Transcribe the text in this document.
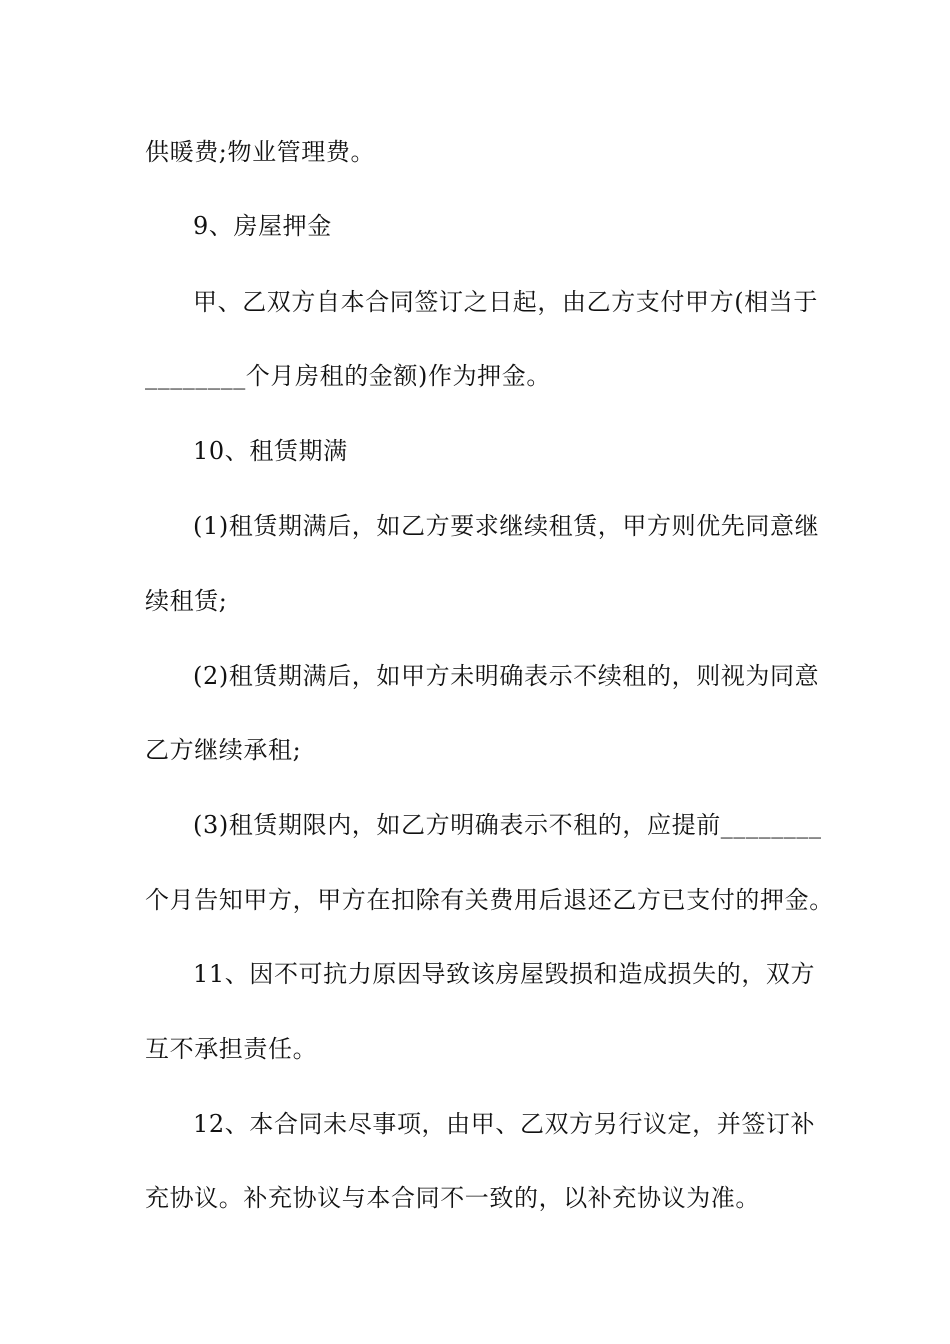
供暖费;物业管理费。
9、房屋押金
甲、乙双方自本合同签订之日起，由乙方支付甲方(相当于
________个月房租的金额)作为押金。
10、租赁期满
(1)租赁期满后，如乙方要求继续租赁，甲方则优先同意继
续租赁;
(2)租赁期满后，如甲方未明确表示不续租的，则视为同意
乙方继续承租;
(3)租赁期限内，如乙方明确表示不租的，应提前________
个月告知甲方，甲方在扣除有关费用后退还乙方已支付的押金。
11、因不可抗力原因导致该房屋毁损和造成损失的，双方
互不承担责任。
12、本合同未尽事项，由甲、乙双方另行议定，并签订补
充协议。补充协议与本合同不一致的，以补充协议为准。
